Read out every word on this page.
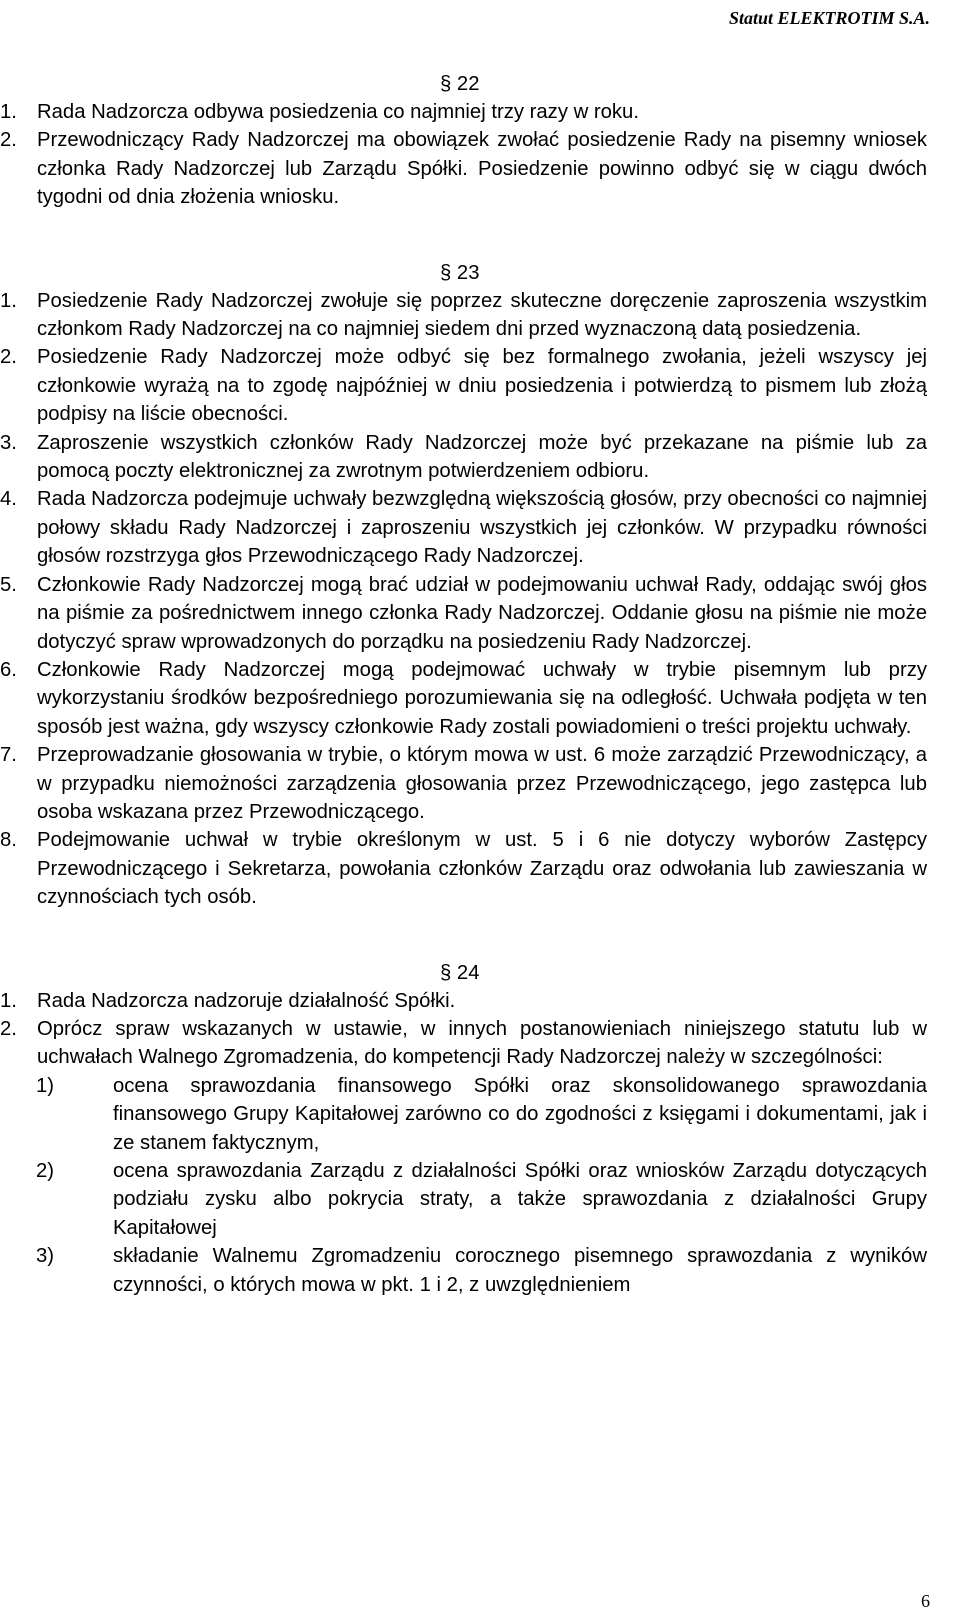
Statut ELEKTROTIM S.A.
§ 22
1. Rada Nadzorcza odbywa posiedzenia co najmniej trzy razy w roku.
2. Przewodniczący Rady Nadzorczej ma obowiązek zwołać posiedzenie Rady na pisemny wniosek członka Rady Nadzorczej lub Zarządu Spółki. Posiedzenie powinno odbyć się w ciągu dwóch tygodni od dnia złożenia wniosku.
§ 23
1. Posiedzenie Rady Nadzorczej zwołuje się poprzez skuteczne doręczenie zaproszenia wszystkim członkom Rady Nadzorczej na co najmniej siedem dni przed wyznaczoną datą posiedzenia.
2. Posiedzenie Rady Nadzorczej może odbyć się bez formalnego zwołania, jeżeli wszyscy jej członkowie wyrażą na to zgodę najpóźniej w dniu posiedzenia i potwierdzą to pismem lub złożą podpisy na liście obecności.
3. Zaproszenie wszystkich członków Rady Nadzorczej może być przekazane na piśmie lub za pomocą poczty elektronicznej za zwrotnym potwierdzeniem odbioru.
4. Rada Nadzorcza podejmuje uchwały bezwzględną większością głosów, przy obecności co najmniej połowy składu Rady Nadzorczej i zaproszeniu wszystkich jej członków. W przypadku równości głosów rozstrzyga głos Przewodniczącego Rady Nadzorczej.
5. Członkowie Rady Nadzorczej mogą brać udział w podejmowaniu uchwał Rady, oddając swój głos na piśmie za pośrednictwem innego członka Rady Nadzorczej. Oddanie głosu na piśmie nie może dotyczyć spraw wprowadzonych do porządku na posiedzeniu Rady Nadzorczej.
6. Członkowie Rady Nadzorczej mogą podejmować uchwały w trybie pisemnym lub przy wykorzystaniu środków bezpośredniego porozumiewania się na odległość. Uchwała podjęta w ten sposób jest ważna, gdy wszyscy członkowie Rady zostali powiadomieni o treści projektu uchwały.
7. Przeprowadzanie głosowania w trybie, o którym mowa w ust. 6 może zarządzić Przewodniczący, a w przypadku niemożności zarządzenia głosowania przez Przewodniczącego, jego zastępca lub osoba wskazana przez Przewodniczącego.
8. Podejmowanie uchwał w trybie określonym w ust. 5 i 6 nie dotyczy wyborów Zastępcy Przewodniczącego i Sekretarza, powołania członków Zarządu oraz odwołania lub zawieszania w czynnościach tych osób.
§ 24
1. Rada Nadzorcza nadzoruje działalność Spółki.
2. Oprócz spraw wskazanych w ustawie, w innych postanowieniach niniejszego statutu lub w uchwałach Walnego Zgromadzenia, do kompetencji Rady Nadzorczej należy w szczególności:
1)	ocena sprawozdania finansowego Spółki oraz skonsolidowanego sprawozdania finansowego Grupy Kapitałowej zarówno co do zgodności z księgami i dokumentami, jak i ze stanem faktycznym,
2)	ocena sprawozdania Zarządu z działalności Spółki oraz wniosków Zarządu dotyczących podziału zysku albo pokrycia straty, a także sprawozdania z działalności Grupy Kapitałowej
3)	składanie Walnemu Zgromadzeniu corocznego pisemnego sprawozdania z wyników czynności, o których mowa w pkt. 1 i 2, z uwzględnieniem
6
